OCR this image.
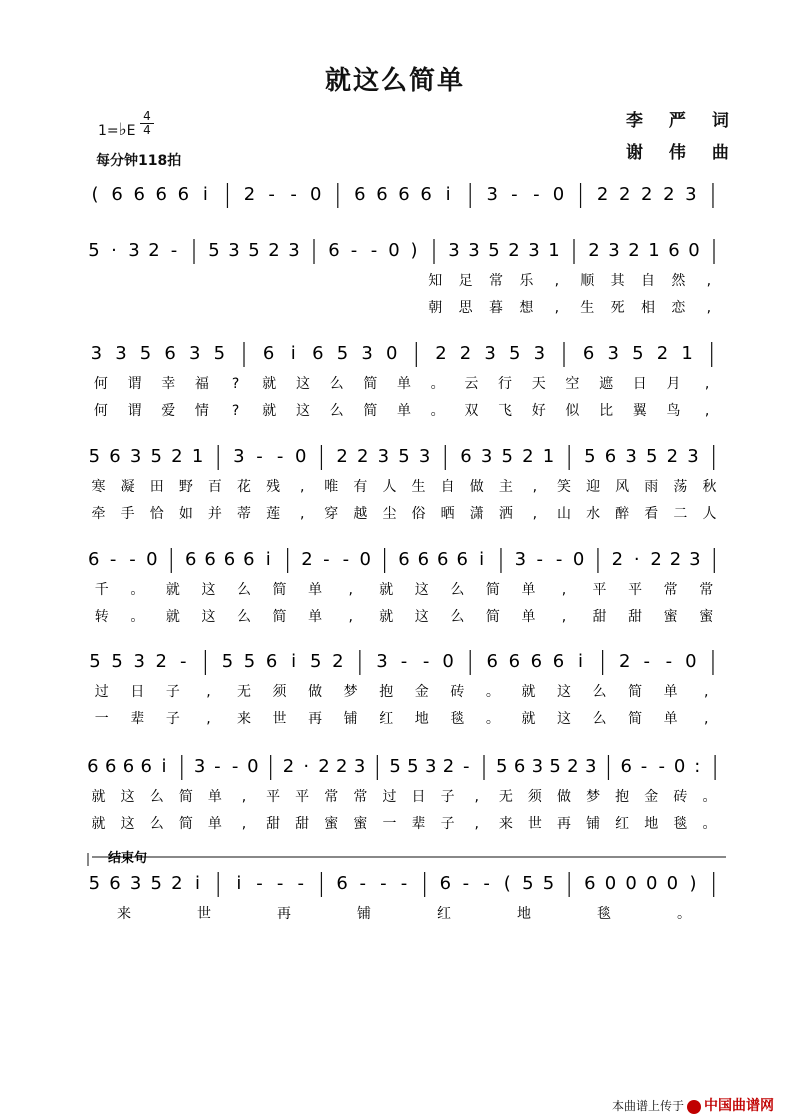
就这么简单
1=♭E
4
4
每分钟118拍
李 严 词
谢 伟 曲
结束句
( 6 6 6 6 i 2 - - 0 6 6 6 6 i 3 - - 0 2 2 2 2 3
5 · 3 2 - 5 3 5 2 3 6 - - 0 ) 3 3 5 2 3 1 2 3 2 1 6 0
知 足 常 乐 , 顺 其 自 然 ,
朝 思 暮 想 , 生 死 相 恋 ,
3 3 5 6 3 5 6 i 6 5 3 0 2 2 3 5 3 6 3 5 2 1
何 谓 幸 福 ? 就 这 么 简 单 。 云 行 天 空 遮 日 月 ,
何 谓 爱 情 ? 就 这 么 简 单 。 双 飞 好 似 比 翼 鸟 ,
5 6 3 5 2 1 3 - - 0 2 2 3 5 3 6 3 5 2 1 5 6 3 5 2 3
寒 凝 田 野 百 花 残 , 唯 有 人 生 自 做 主 , 笑 迎 风 雨 荡 秋
牵 手 恰 如 并 蒂 莲 , 穿 越 尘 俗 晒 潇 洒 , 山 水 醉 看 二 人
6 - - 0 6 6 6 6 i 2 - - 0 6 6 6 6 i 3 - - 0 2 · 2 2 3
千 。 就 这 么 简 单 , 就 这 么 简 单 , 平 平 常 常
转 。 就 这 么 简 单 , 就 这 么 简 单 , 甜 甜 蜜 蜜
5 5 3 2 - 5 5 6 i 5 2 3 - - 0 6 6 6 6 i 2 - - 0
过 日 子 , 无 须 做 梦 抱 金 砖 。 就 这 么 简 单 ,
一 辈 子 , 来 世 再 铺 红 地 毯 。 就 这 么 简 单 ,
6 6 6 6 i 3 - - 0 2 · 2 2 3 5 5 3 2 - 5 6 3 5 2 3 6 - - 0 :
就 这 么 简 单 , 平 平 常 常 过 日 子 , 无 须 做 梦 抱 金 砖 。
就 这 么 简 单 , 甜 甜 蜜 蜜 一 辈 子 , 来 世 再 铺 红 地 毯 。
5 6 3 5 2 i i - - - 6 - - - 6 - - ( 5 5 6 0 0 0 0 )
来	世	再	铺	红	地	毯	。
本曲谱上传于 中国曲谱网
